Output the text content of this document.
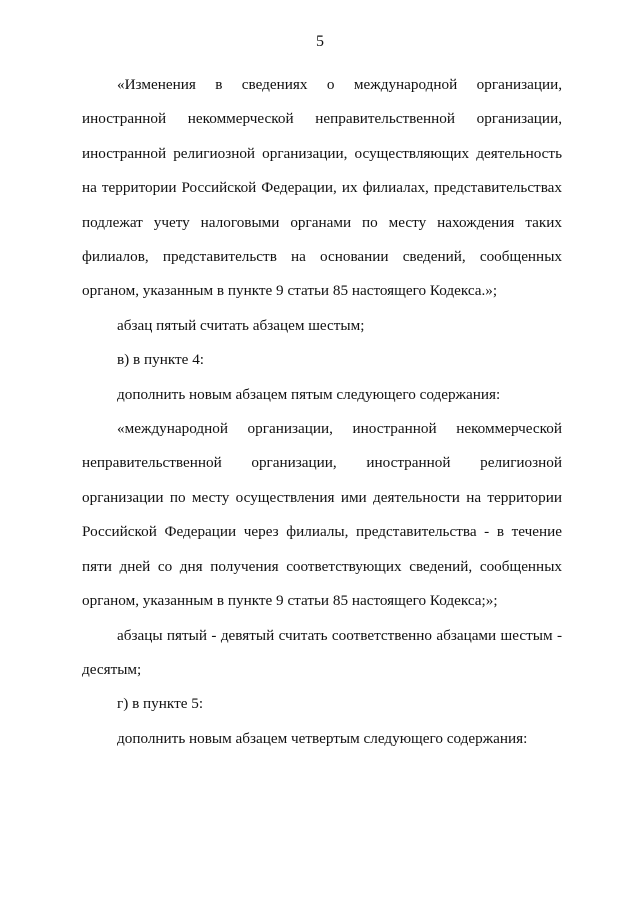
5

«Изменения в сведениях о международной организации, иностранной некоммерческой неправительственной организации, иностранной религиозной организации, осуществляющих деятельность на территории Российской Федерации, их филиалах, представительствах подлежат учету налоговыми органами по месту нахождения таких филиалов, представительств на основании сведений, сообщенных органом, указанным в пункте 9 статьи 85 настоящего Кодекса.»;

абзац пятый считать абзацем шестым;

в) в пункте 4:

дополнить новым абзацем пятым следующего содержания:

«международной организации, иностранной некоммерческой неправительственной организации, иностранной религиозной организации по месту осуществления ими деятельности на территории Российской Федерации через филиалы, представительства - в течение пяти дней со дня получения соответствующих сведений, сообщенных органом, указанным в пункте 9 статьи 85 настоящего Кодекса;»;

абзацы пятый - девятый считать соответственно абзацами шестым - десятым;

г) в пункте 5:

дополнить новым абзацем четвертым следующего содержания:
